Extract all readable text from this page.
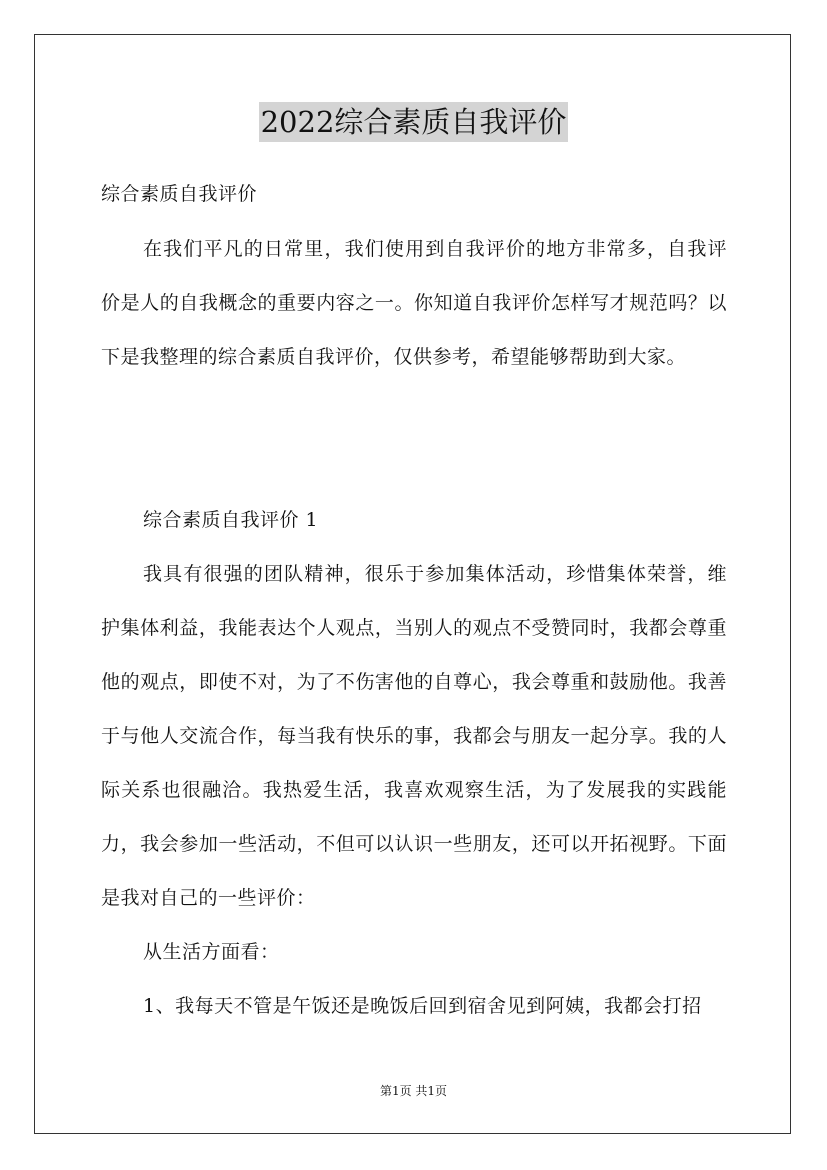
2022综合素质自我评价

综合素质自我评价

在我们平凡的日常里，我们使用到自我评价的地方非常多，自我评价是人的自我概念的重要内容之一。你知道自我评价怎样写才规范吗？以下是我整理的综合素质自我评价，仅供参考，希望能够帮助到大家。

综合素质自我评价 1

我具有很强的团队精神，很乐于参加集体活动，珍惜集体荣誉，维护集体利益，我能表达个人观点，当别人的观点不受赞同时，我都会尊重他的观点，即使不对，为了不伤害他的自尊心，我会尊重和鼓励他。我善于与他人交流合作，每当我有快乐的事，我都会与朋友一起分享。我的人际关系也很融洽。我热爱生活，我喜欢观察生活，为了发展我的实践能力，我会参加一些活动，不但可以认识一些朋友，还可以开拓视野。下面是我对自己的一些评价：
从生活方面看：
1、我每天不管是午饭还是晚饭后回到宿舍见到阿姨，我都会打招
第1页 共1页
